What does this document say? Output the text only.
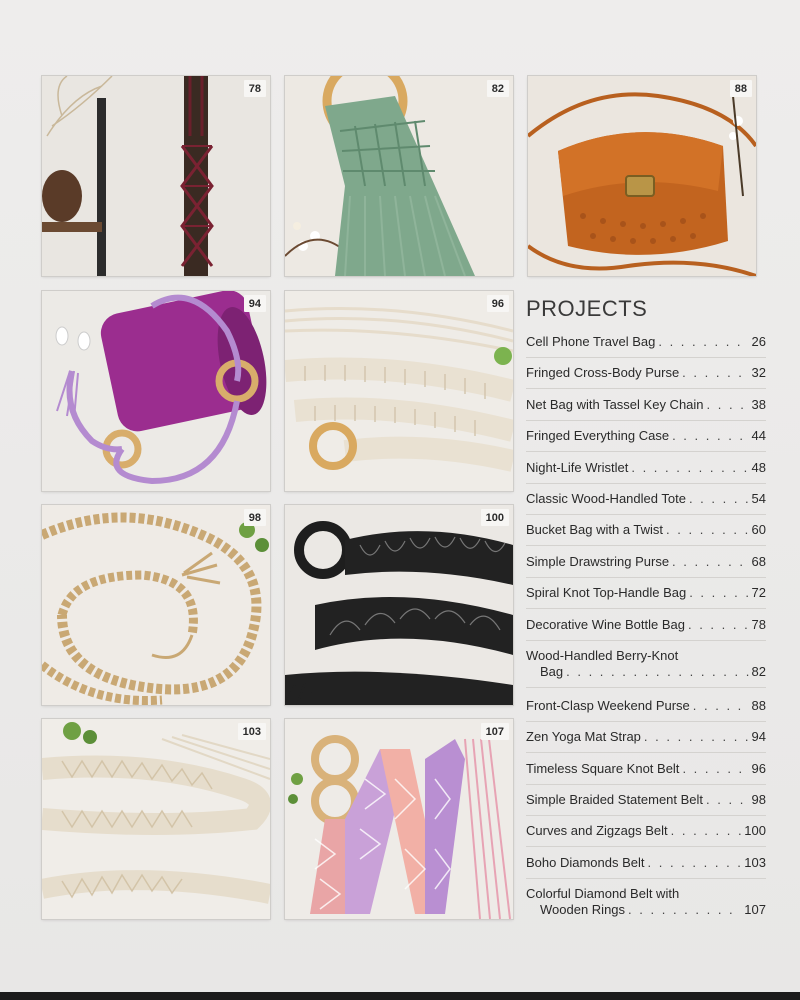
78	82	88
94	96
98	100
103	107
PROJECTS
Cell Phone Travel Bag . . .	26
Fringed Cross-Body Purse . . .	32
Net Bag with Tassel Key Chain . . .	38
Fringed Everything Case . . .	44
Night-Life Wristlet . . .	48
Classic Wood-Handled Tote . . .	54
Bucket Bag with a Twist . . .	60
Simple Drawstring Purse . . .	68
Spiral Knot Top-Handle Bag . . .	72
Decorative Wine Bottle Bag . . .	78
Wood-Handled Berry-Knot
Bag . . .	82
Front-Clasp Weekend Purse . . .	88
Zen Yoga Mat Strap . . .	94
Timeless Square Knot Belt . . .	96
Simple Braided Statement Belt . . .	98
Curves and Zigzags Belt . . .	100
Boho Diamonds Belt . . .	103
Colorful Diamond Belt with
Wooden Rings . . .	107
